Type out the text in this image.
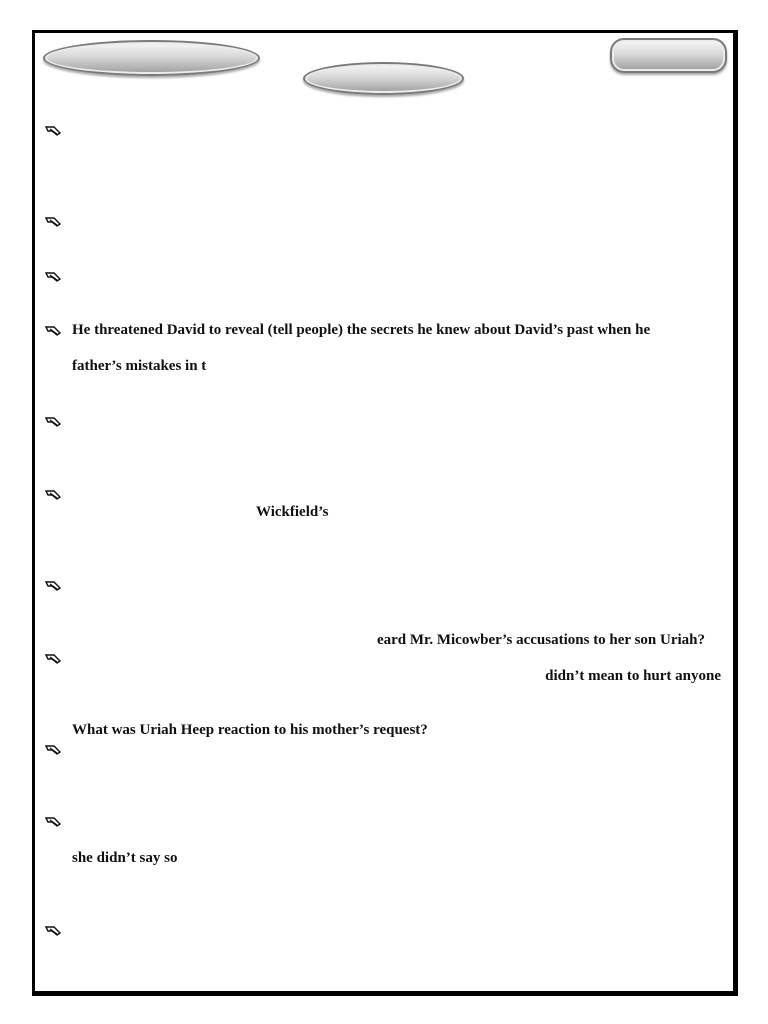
He threatened David to reveal (tell people) the secrets he knew about David’s past when he
father’s mistakes in t
Wickfield’s
eard Mr. Micowber’s accusations to her son Uriah?
didn’t mean to hurt anyone
What was Uriah Heep reaction to his mother’s request?
she didn’t say so
